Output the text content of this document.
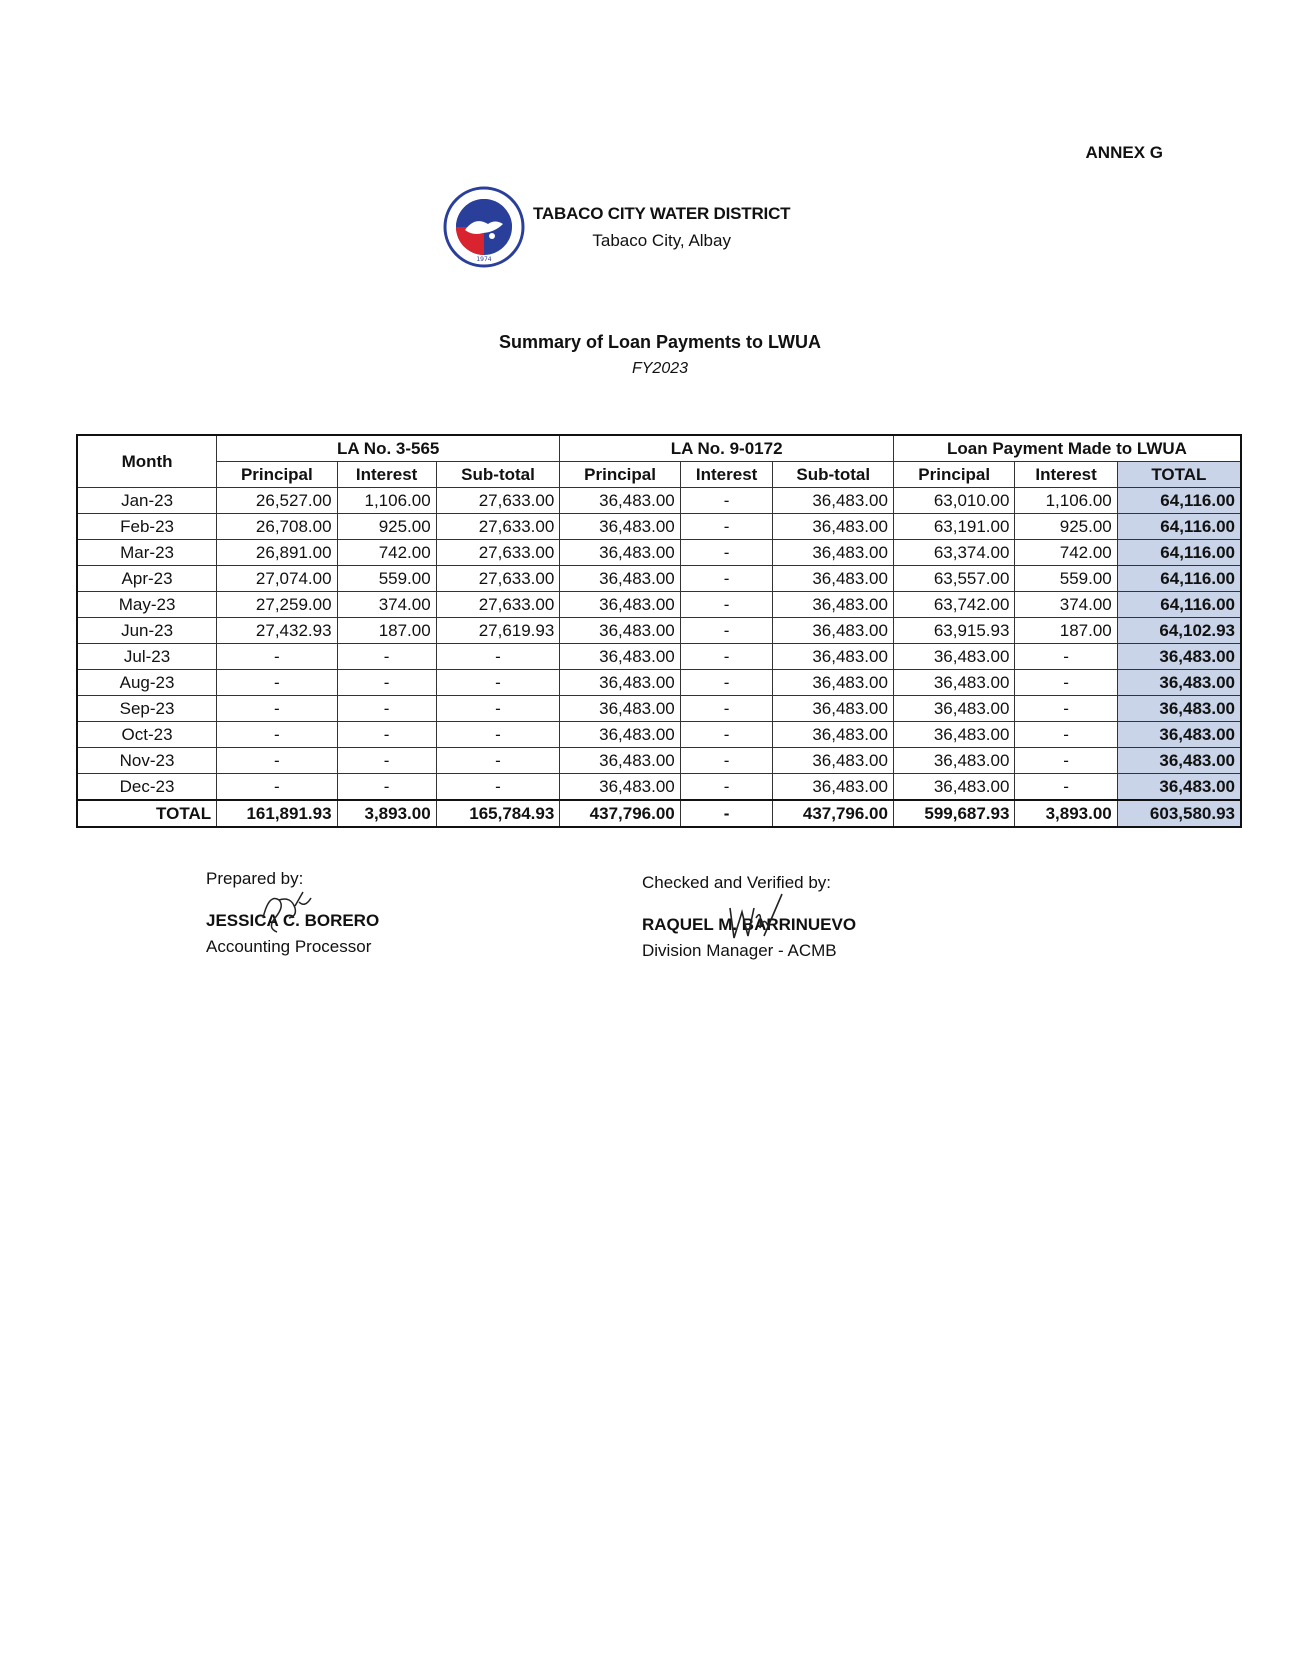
ANNEX G
1974
TABACO CITY WATER DISTRICT
Tabaco City, Albay
Summary of Loan Payments to LWUA
FY2023
Month	LA No. 3-565			LA No. 9-0172			Loan Payment Made to LWUA		
	Principal	Interest	Sub-total	Principal	Interest	Sub-total	Principal	Interest	TOTAL
Jan-23	26,527.00	1,106.00	27,633.00	36,483.00	-	36,483.00	63,010.00	1,106.00	64,116.00
Feb-23	26,708.00	925.00	27,633.00	36,483.00	-	36,483.00	63,191.00	925.00	64,116.00
Mar-23	26,891.00	742.00	27,633.00	36,483.00	-	36,483.00	63,374.00	742.00	64,116.00
Apr-23	27,074.00	559.00	27,633.00	36,483.00	-	36,483.00	63,557.00	559.00	64,116.00
May-23	27,259.00	374.00	27,633.00	36,483.00	-	36,483.00	63,742.00	374.00	64,116.00
Jun-23	27,432.93	187.00	27,619.93	36,483.00	-	36,483.00	63,915.93	187.00	64,102.93
Jul-23	-	-	-	36,483.00	-	36,483.00	36,483.00	-	36,483.00
Aug-23	-	-	-	36,483.00	-	36,483.00	36,483.00	-	36,483.00
Sep-23	-	-	-	36,483.00	-	36,483.00	36,483.00	-	36,483.00
Oct-23	-	-	-	36,483.00	-	36,483.00	36,483.00	-	36,483.00
Nov-23	-	-	-	36,483.00	-	36,483.00	36,483.00	-	36,483.00
Dec-23	-	-	-	36,483.00	-	36,483.00	36,483.00	-	36,483.00
TOTAL	161,891.93	3,893.00	165,784.93	437,796.00	-	437,796.00	599,687.93	3,893.00	603,580.93
Prepared by:
JESSICA C. BORERO
Accounting Processor
Checked and Verified by:
RAQUEL M. BARRINUEVO
Division Manager - ACMB
